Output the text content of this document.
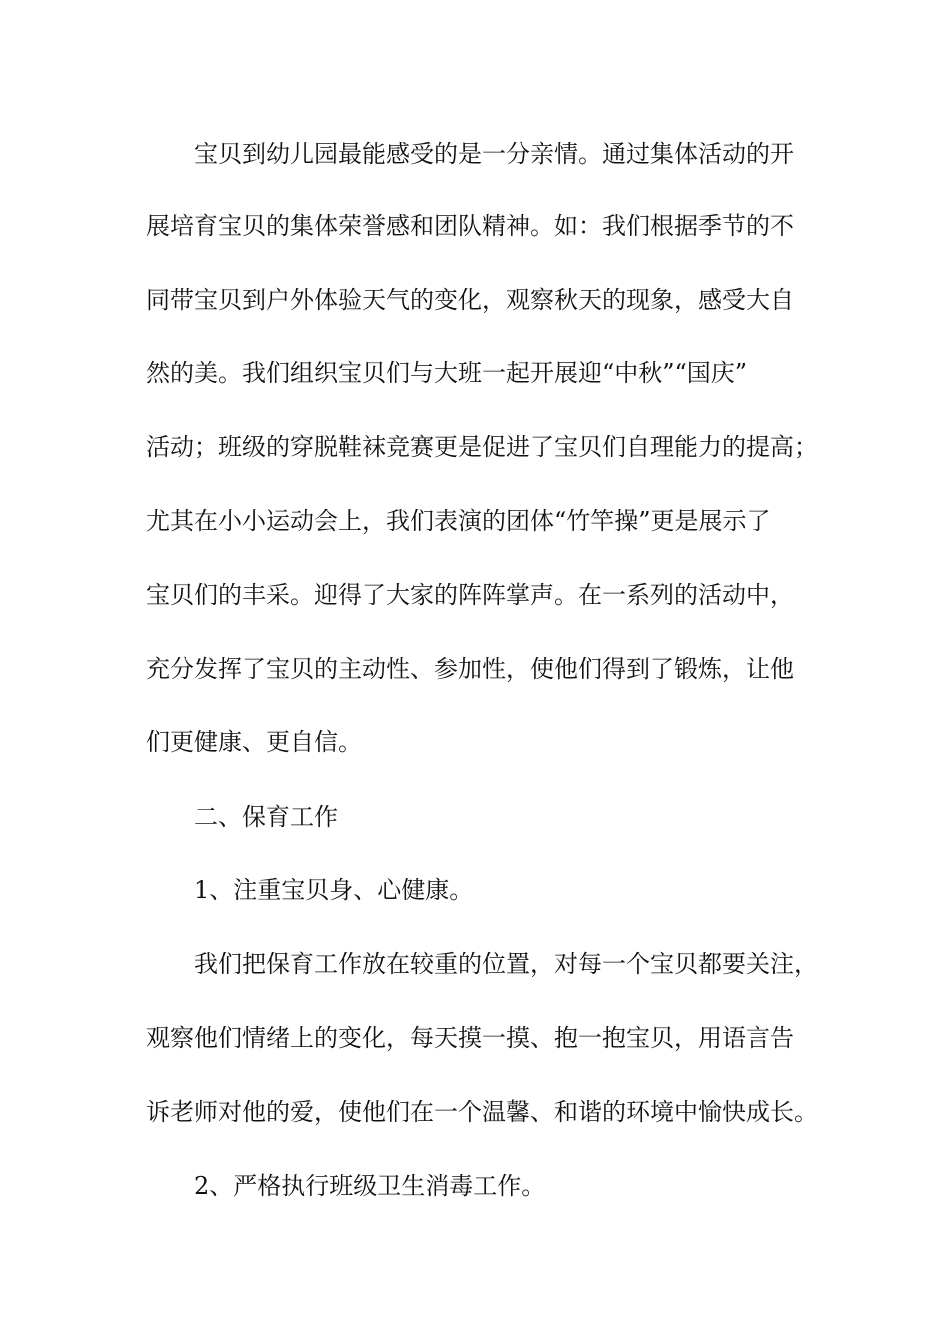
宝贝到幼儿园最能感受的是一分亲情。通过集体活动的开

展培育宝贝的集体荣誉感和团队精神。如：我们根据季节的不

同带宝贝到户外体验天气的变化，观察秋天的现象，感受大自

然的美。我们组织宝贝们与大班一起开展迎“中秋”“国庆”

活动；班级的穿脱鞋袜竞赛更是促进了宝贝们自理能力的提高；

尤其在小小运动会上，我们表演的团体“竹竿操”更是展示了

宝贝们的丰采。迎得了大家的阵阵掌声。在一系列的活动中，

充分发挥了宝贝的主动性、参加性，使他们得到了锻炼，让他

们更健康、更自信。

二、保育工作

1、注重宝贝身、心健康。

我们把保育工作放在较重的位置，对每一个宝贝都要关注，

观察他们情绪上的变化，每天摸一摸、抱一抱宝贝，用语言告

诉老师对他的爱，使他们在一个温馨、和谐的环境中愉快成长。

2、严格执行班级卫生消毒工作。
